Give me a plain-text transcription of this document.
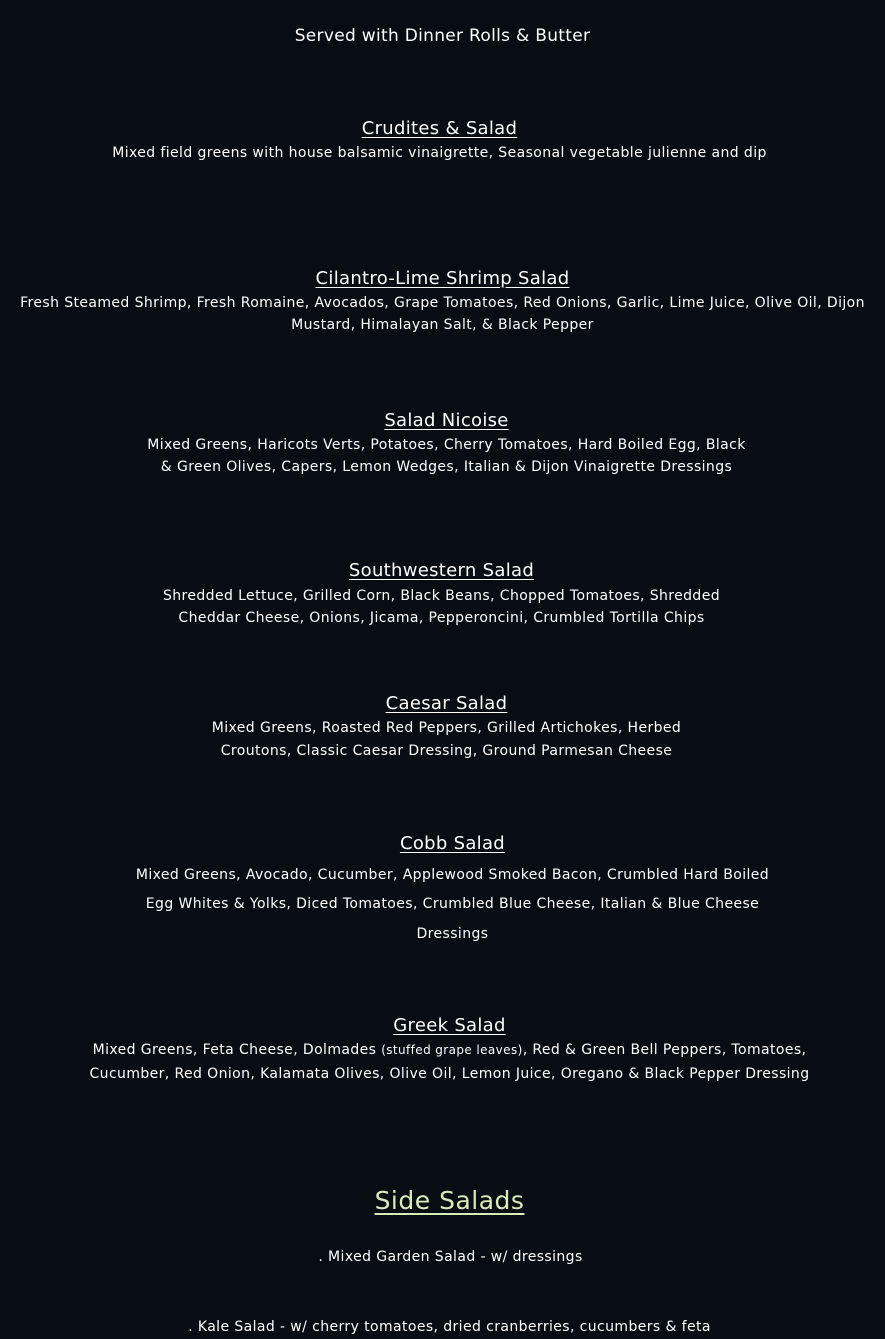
Served with Dinner Rolls & Butter
Crudites & Salad
Mixed field greens with house balsamic vinaigrette, Seasonal vegetable julienne and dip
Cilantro-Lime Shrimp Salad
Fresh Steamed Shrimp, Fresh Romaine, Avocados, Grape Tomatoes, Red Onions, Garlic, Lime Juice, Olive Oil, Dijon
Mustard, Himalayan Salt, & Black Pepper
Salad Nicoise
Mixed Greens, Haricots Verts, Potatoes, Cherry Tomatoes, Hard Boiled Egg, Black
& Green Olives, Capers, Lemon Wedges, Italian & Dijon Vinaigrette Dressings
Southwestern Salad
Shredded Lettuce, Grilled Corn, Black Beans, Chopped Tomatoes, Shredded
Cheddar Cheese, Onions, Jicama, Pepperoncini, Crumbled Tortilla Chips
Caesar Salad
Mixed Greens, Roasted Red Peppers, Grilled Artichokes, Herbed
Croutons, Classic Caesar Dressing, Ground Parmesan Cheese
Cobb Salad
Mixed Greens, Avocado, Cucumber, Applewood Smoked Bacon, Crumbled Hard Boiled
Egg Whites & Yolks, Diced Tomatoes, Crumbled Blue Cheese, Italian & Blue Cheese
Dressings
Greek Salad
Mixed Greens, Feta Cheese, Dolmades (stuffed grape leaves), Red & Green Bell Peppers, Tomatoes,
Cucumber, Red Onion, Kalamata Olives, Olive Oil, Lemon Juice, Oregano & Black Pepper Dressing
Side Salads
. Mixed Garden Salad - w/ dressings
. Kale Salad - w/ cherry tomatoes, dried cranberries, cucumbers & feta
